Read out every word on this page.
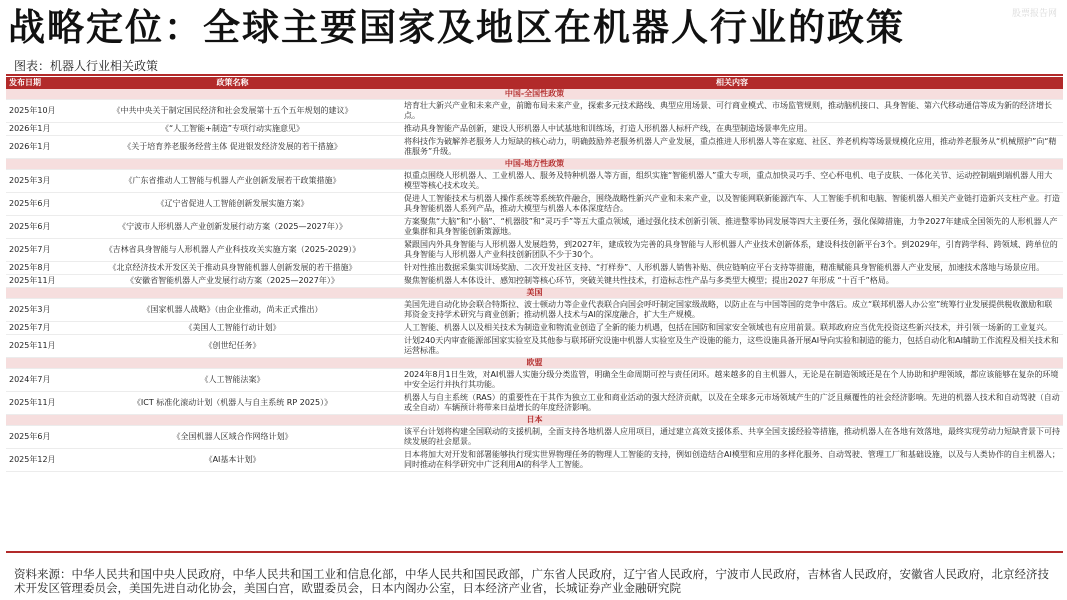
战略定位：全球主要国家及地区在机器人行业的政策	股票报告网
图表：机器人行业相关政策
发布日期	政策名称	相关内容
中国-全国性政策		
2025年10月	《中共中央关于制定国民经济和社会发展第十五个五年规划的建议》	培育壮大新兴产业和未来产业，前瞻布局未来产业，探索多元技术路线、典型应用场景、可行商业模式、市场监管规则，推动脑机接口、具身智能、第六代移动通信等成为新的经济增长点。
2026年1月	《“人工智能+制造”专项行动实施意见》	推动具身智能产品创新，建设人形机器人中试基地和训练场，打造人形机器人标杆产线，在典型制造场景率先应用。
2026年1月	《关于培育养老服务经营主体 促进银发经济发展的若干措施》	将科技作为破解养老服务人力短缺的核心动力，明确鼓励养老服务机器人产业发展，重点推进人形机器人等在家庭、社区、养老机构等场景规模化应用，推动养老服务从“机械照护”向“精准服务”升级。
中国-地方性政策		
2025年3月	《广东省推动人工智能与机器人产业创新发展若干政策措施》	拟重点围绕人形机器人、工业机器人、服务及特种机器人等方面，组织实施“智能机器人”重大专项，重点加快灵巧手、空心杯电机、电子皮肤、一体化关节、运动控制端到端机器人用大模型等核心技术攻关。
2025年6月	《辽宁省促进人工智能创新发展实施方案》	促进人工智能技术与机器人操作系统等系统软件融合，围绕战略性新兴产业和未来产业，以及智能网联新能源汽车、人工智能手机和电脑、智能机器人相关产业链打造新兴支柱产业。打造具身智能机器人系列产品，推动大模型与机器人本体深度结合。
2025年6月	《宁波市人形机器人产业创新发展行动方案（2025—2027年）》	方案聚焦“大脑”和“小脑”、“机器肢”和“灵巧手”等五大重点领域，通过强化技术创新引领、推进整零协同发展等四大主要任务，强化保障措施，力争2027年建成全国领先的人形机器人产业集群和具身智能创新策源地。
2025年7月	《吉林省具身智能与人形机器人产业科技攻关实施方案（2025-2029）》	紧跟国内外具身智能与人形机器人发展趋势，到2027年，建成较为完善的具身智能与人形机器人产业技术创新体系，建设科技创新平台3个。到2029年，引育跨学科、跨领域、跨单位的具身智能与人形机器人产业科技创新团队不少于30个。
2025年8月	《北京经济技术开发区关于推动具身智能机器人创新发展的若干措施》	针对性推出数据采集实训场奖励、二次开发社区支持、“打样券”、人形机器人销售补贴、供应链响应平台支持等措施，精准赋能具身智能机器人产业发展，加速技术落地与场景应用。
2025年11月	《安徽省智能机器人产业发展行动方案（2025—2027年）》	聚焦智能机器人本体设计、感知控制等核心环节，突破关键共性技术，打造标志性产品与多类型大模型；提出2027 年形成 “十百千”格局。
美国		
2025年3月	《国家机器人战略》（由企业推动，尚未正式推出）	美国先进自动化协会联合特斯拉、波士顿动力等企业代表联合向国会呼吁制定国家级战略，以防止在与中国等国的竞争中落后。成立“联邦机器人办公室”统筹行业发展提供税收激励和联邦资金支持学术研究与商业创新；推动机器人技术与AI的深度融合，扩大生产规模。
2025年7月	《美国人工智能行动计划》	人工智能、机器人以及相关技术为制造业和物流业创造了全新的能力机遇，包括在国防和国家安全领域也有应用前景。联邦政府应当优先投资这些新兴技术，并引领一场新的工业复兴。
2025年11月	《创世纪任务》	计划240天内审查能源部国家实验室及其他参与联邦研究设施中机器人实验室及生产设施的能力，这些设施具备开展AI导向实验和制造的能力，包括自动化和AI辅助工作流程及相关技术和运营标准。
欧盟		
2024年7月	《人工智能法案》	2024年8月1日生效，对AI机器人实施分级分类监管，明确全生命周期可控与责任闭环。越来越多的自主机器人，无论是在制造领域还是在个人协助和护理领域，都应该能够在复杂的环境中安全运行并执行其功能。
2025年11月	《ICT 标准化滚动计划（机器人与自主系统 RP 2025）》	机器人与自主系统（RAS）的重要性在于其作为独立工业和商业活动的强大经济贡献，以及在全球多元市场领域产生的广泛且颠覆性的社会经济影响。先进的机器人技术和自动驾驶（自动或全自动）车辆预计将带来日益增长的年度经济影响。
日本		
2025年6月	《全国机器人区域合作网络计划》	该平台计划将构建全国联动的支援机制，全面支持各地机器人应用项目，通过建立高效支援体系、共享全国支援经验等措施，推动机器人在各地有效落地，最终实现劳动力短缺背景下可持续发展的社会愿景。
2025年12月	《AI基本计划》	日本将加大对开发和部署能够执行现实世界物理任务的物理人工智能的支持，例如创造结合AI模型和应用的多样化服务、自动驾驶、管理工厂和基础设施，以及与人类协作的自主机器人；同时推动在科学研究中广泛利用AI的科学人工智能。
资料来源：中华人民共和国中央人民政府，中华人民共和国工业和信息化部，中华人民共和国民政部，广东省人民政府，辽宁省人民政府，宁波市人民政府，吉林省人民政府，安徽省人民政府，北京经济技术开发区管理委员会，美国先进自动化协会，美国白宫，欧盟委员会，日本内阁办公室，日本经济产业省，长城证券产业金融研究院
